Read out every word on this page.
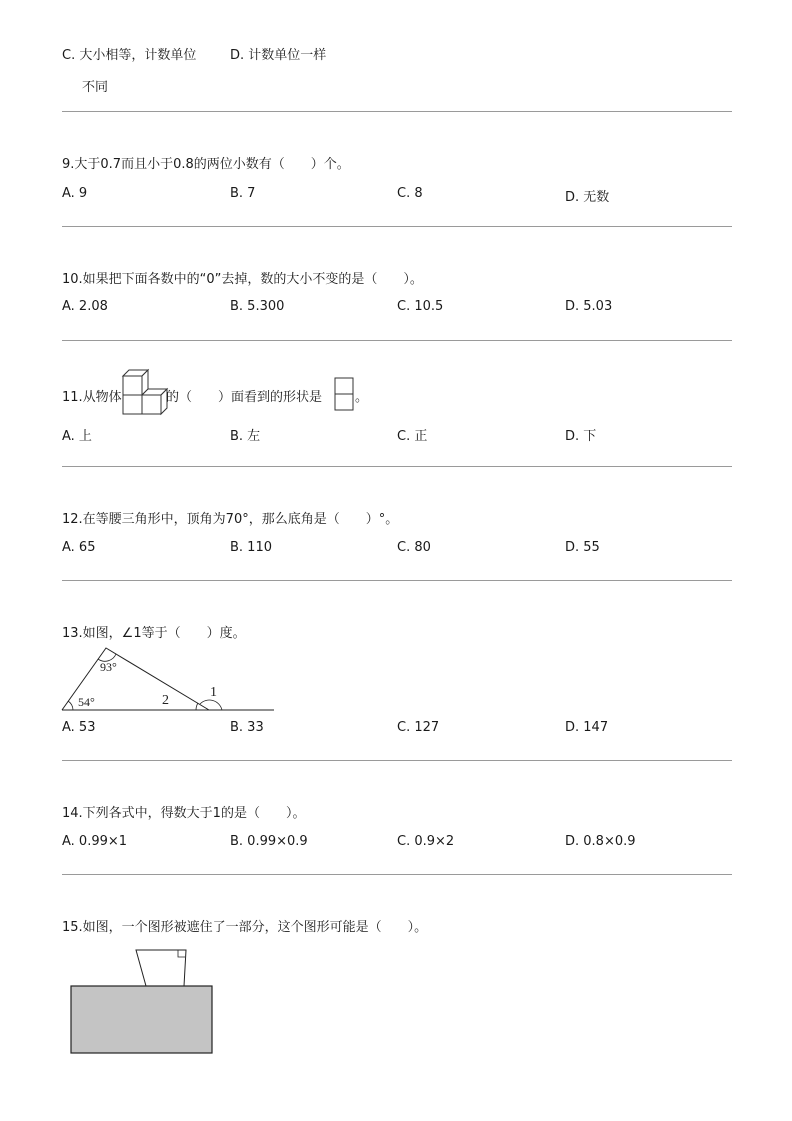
C. 大小相等，计数单位
不同
D. 计数单位一样
9.大于0.7而且小于0.8的两位小数有（　　）个。
A. 9	B. 7	C. 8	D. 无数
10.如果把下面各数中的“0”去掉，数的大小不变的是（　　）。
A. 2.08	B. 5.300	C. 10.5	D. 5.03
11.从物体	的（　　）面看到的形状是	。
A. 上	B. 左	C. 正	D. 下
12.在等腰三角形中，顶角为70°，那么底角是（　　）°。
A. 65	B. 110	C. 80	D. 55
13.如图，∠1等于（　　）度。
93°
54°	2
1
A. 53	B. 33	C. 127	D. 147
14.下列各式中，得数大于1的是（　　）。
A. 0.99×1	B. 0.99×0.9	C. 0.9×2	D. 0.8×0.9
15.如图，一个图形被遮住了一部分，这个图形可能是（　　）。
